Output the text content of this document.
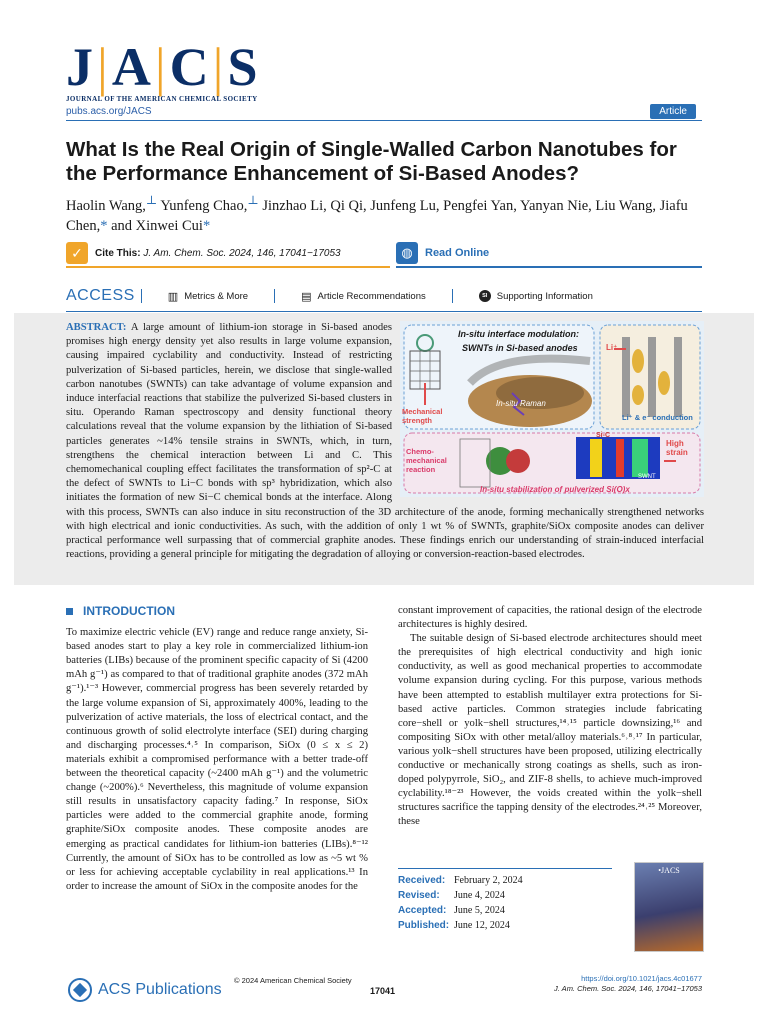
J|A|C|S
JOURNAL OF THE AMERICAN CHEMICAL SOCIETY
pubs.acs.org/JACS	Article
What Is the Real Origin of Single-Walled Carbon Nanotubes for the Performance Enhancement of Si-Based Anodes?
Haolin Wang,⊥ Yunfeng Chao,⊥ Jinzhao Li, Qi Qi, Junfeng Lu, Pengfei Yan, Yanyan Nie, Liu Wang, Jiafu Chen,* and Xinwei Cui*
✓	Cite This: J. Am. Chem. Soc. 2024, 146, 17041−17053	◍	Read Online
ACCESS	▥ Metrics & More	▤ Article Recommendations	SI Supporting Information
In-situ interface modulation:
SWNTs in Si-based anodes
In-situ Raman
Li⁺
Li⁺ & e⁻ conduction
Mechanical strength
Chemo-mechanical reaction
Si-C
SWNT
High strain
In-situ stabilization of pulverized Si(O)x
ABSTRACT: A large amount of lithium-ion storage in Si-based anodes promises high energy density yet also results in large volume expansion, causing impaired cyclability and conductivity. Instead of restricting pulverization of Si-based particles, herein, we disclose that single-walled carbon nanotubes (SWNTs) can take advantage of volume expansion and induce interfacial reactions that stabilize the pulverized Si-based clusters in situ. Operando Raman spectroscopy and density functional theory calculations reveal that the volume expansion by the lithiation of Si-based particles generates ~14% tensile strains in SWNTs, which, in turn, strengthens the chemical interaction between Li and C. This chemomechanical coupling effect facilitates the transformation of sp²-C at the defect of SWNTs to Li−C bonds with sp³ hybridization, which also initiates the formation of new Si−C chemical bonds at the interface. Along with this process, SWNTs can also induce in situ reconstruction of the 3D architecture of the anode, forming mechanically strengthened networks with high electrical and ionic conductivities. As such, with the addition of only 1 wt % of SWNTs, graphite/SiOx composite anodes can deliver practical performance well surpassing that of commercial graphite anodes. These findings enrich our understanding of strain-induced interfacial reactions, providing a general principle for mitigating the degradation of alloying or conversion-reaction-based electrodes.
INTRODUCTION

To maximize electric vehicle (EV) range and reduce range anxiety, Si-based anodes start to play a key role in commercialized lithium-ion batteries (LIBs) because of the prominent specific capacity of Si (4200 mAh g⁻¹) as compared to that of traditional graphite anodes (372 mAh g⁻¹).¹⁻³ However, commercial progress has been severely retarded by the large volume expansion of Si, approximately 400%, leading to the pulverization of active materials, the loss of electrical contact, and the continuous growth of solid electrolyte interface (SEI) during charging and discharging processes.⁴˒⁵ In comparison, SiOx (0 ≤ x ≤ 2) materials exhibit a compromised performance with a better trade-off between the theoretical capacity (~2400 mAh g⁻¹) and the volumetric change (~200%).⁶ Nevertheless, this magnitude of volume expansion still results in unsatisfactory capacity fading.⁷ In response, SiOx particles were added to the commercial graphite anode, forming graphite/SiOx composite anodes. These composite anodes are emerging as practical candidates for lithium-ion batteries (LIBs).⁸⁻¹² Currently, the amount of SiOx has to be controlled as low as ~5 wt % or less for achieving acceptable cyclability in real applications.¹³ In order to increase the amount of SiOx in the composite anodes for the

constant improvement of capacities, the rational design of the electrode architectures is highly desired.

The suitable design of Si-based electrode architectures should meet the prerequisites of high electrical conductivity and high ionic conductivity, as well as good mechanical properties to accommodate volume expansion during cycling. For this purpose, various methods have been attempted to establish multilayer extra protections for Si-based active particles. Common strategies include fabricating core−shell or yolk−shell structures,¹⁴˒¹⁵ particle downsizing,¹⁶ and compositing SiOx with other metal/alloy materials.⁶˒⁸˒¹⁷ In particular, various yolk−shell structures have been proposed, utilizing electrically conductive or mechanically strong coatings as shells, such as iron-doped polypyrrole, SiO₂, and ZIF-8 shells, to achieve much-improved cyclability.¹⁸⁻²³ However, the voids created within the yolk−shell structures sacrifice the tapping density of the electrodes.²⁴˒²⁵ Moreover, these

Received: February 2, 2024
Revised:	June 4, 2024
Accepted: June 5, 2024
Published: June 12, 2024
•JACS
ACS Publications
© 2024 American Chemical Society
17041
https://doi.org/10.1021/jacs.4c01677
J. Am. Chem. Soc. 2024, 146, 17041−17053
